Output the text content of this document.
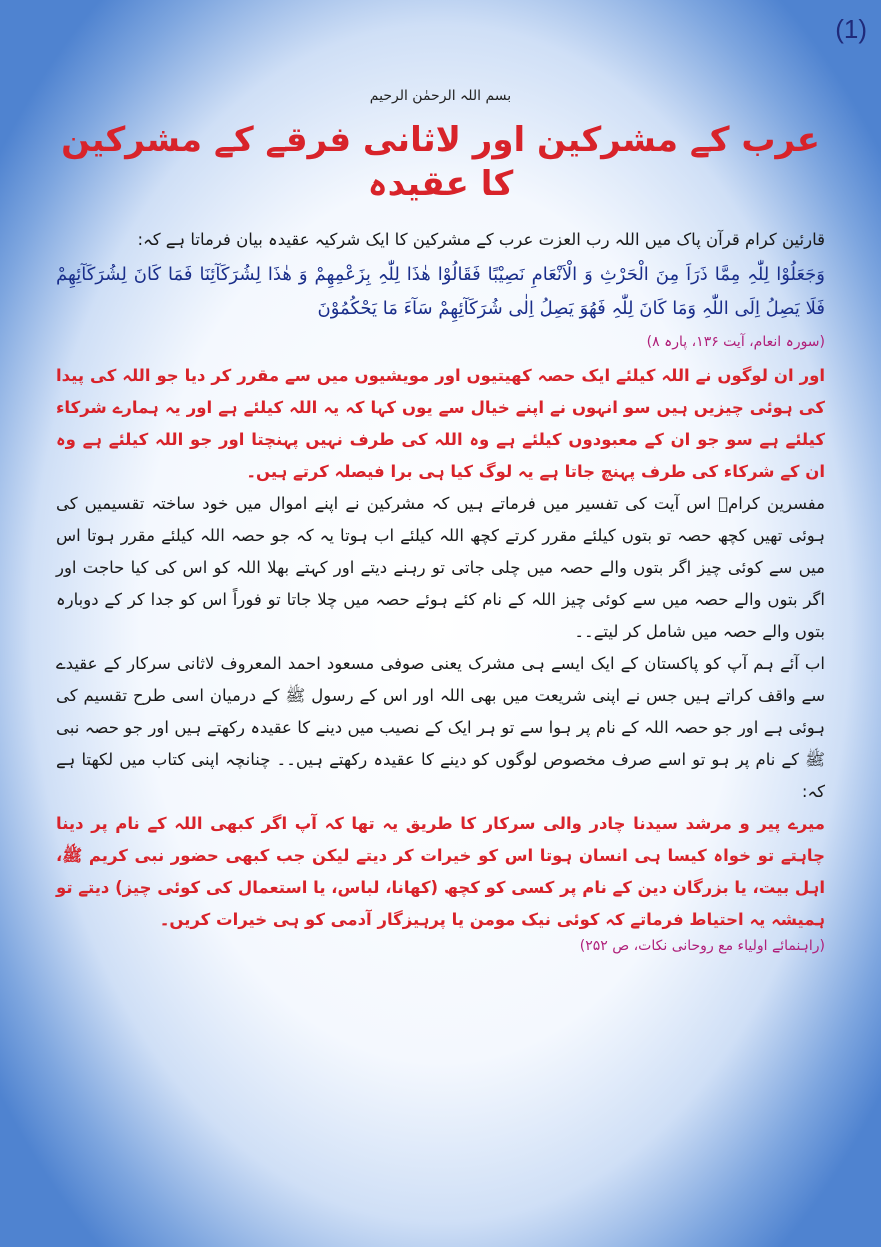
(1)
بسم اللہ الرحمٰن الرحیم
عرب کے مشرکین اور لاثانی فرقے کے مشرکین کا عقیدہ

قارئین کرام قرآن پاک میں اللہ رب العزت عرب کے مشرکین کا ایک شرکیہ عقیدہ بیان فرماتا ہے کہ:

وَجَعَلُوْا لِلّٰہِ مِمَّا ذَرَاَ مِنَ الْحَرْثِ وَ الْاَنْعَامِ نَصِیْبًا فَقَالُوْا ھٰذَا لِلّٰہِ بِزَعْمِھِمْ وَ ھٰذَا لِشُرَکَآئِنَا فَمَا کَانَ لِشُرَکَآئِھِمْ فَلَا یَصِلُ اِلَی اللّٰہِ وَمَا کَانَ لِلّٰہِ فَھُوَ یَصِلُ اِلٰی شُرَکَآئِھِمْ سَآءَ مَا یَحْکُمُوْنَ

(سورہ انعام، آیت ۱۳۶، پارہ ۸)

اور ان لوگوں نے اللہ کیلئے ایک حصہ کھیتیوں اور مویشیوں میں سے مقرر کر دیا جو اللہ کی پیدا کی ہوئی چیزیں ہیں سو انہوں نے اپنے خیال سے یوں کہا کہ یہ اللہ کیلئے ہے اور یہ ہمارے شرکاء کیلئے ہے سو جو ان کے معبودوں کیلئے ہے وہ اللہ کی طرف نہیں پہنچتا اور جو اللہ کیلئے ہے وہ ان کے شرکاء کی طرف پہنچ جاتا ہے یہ لوگ کیا ہی برا فیصلہ کرتے ہیں۔

مفسرین کرامؒ اس آیت کی تفسیر میں فرماتے ہیں کہ مشرکین نے اپنے اموال میں خود ساختہ تقسیمیں کی ہوئی تھیں کچھ حصہ تو بتوں کیلئے مقرر کرتے کچھ اللہ کیلئے اب ہوتا یہ کہ جو حصہ اللہ کیلئے مقرر ہوتا اس میں سے کوئی چیز اگر بتوں والے حصہ میں چلی جاتی تو رہنے دیتے اور کہتے بھلا اللہ کو اس کی کیا حاجت اور اگر بتوں والے حصہ میں سے کوئی چیز اللہ کے نام کئے ہوئے حصہ میں چلا جاتا تو فوراً اس کو جدا کر کے دوبارہ بتوں والے حصہ میں شامل کر لیتے۔۔

اب آئے ہم آپ کو پاکستان کے ایک ایسے ہی مشرک یعنی صوفی مسعود احمد المعروف لاثانی سرکار کے عقیدے سے واقف کراتے ہیں جس نے اپنی شریعت میں بھی اللہ اور اس کے رسول ﷺ کے درمیان اسی طرح تقسیم کی ہوئی ہے اور جو حصہ اللہ کے نام پر ہوا سے تو ہر ایک کے نصیب میں دینے کا عقیدہ رکھتے ہیں اور جو حصہ نبی ﷺ کے نام پر ہو تو اسے صرف مخصوص لوگوں کو دینے کا عقیدہ رکھتے ہیں۔۔ چنانچہ اپنی کتاب میں لکھتا ہے کہ:

میرے پیر و مرشد سیدنا چادر والی سرکار کا طریق یہ تھا کہ آپ اگر کبھی اللہ کے نام پر دینا چاہتے تو خواہ کیسا ہی انسان ہوتا اس کو خیرات کر دیتے لیکن جب کبھی حضور نبی کریم ﷺ، اہل بیت، یا بزرگان دین کے نام پر کسی کو کچھ (کھانا، لباس، یا استعمال کی کوئی چیز) دیتے تو ہمیشہ یہ احتیاط فرماتے کہ کوئی نیک مومن یا پرہیزگار آدمی کو ہی خیرات کریں۔

(راہنمائے اولیاء مع روحانی نکات، ص ۲۵۲)
